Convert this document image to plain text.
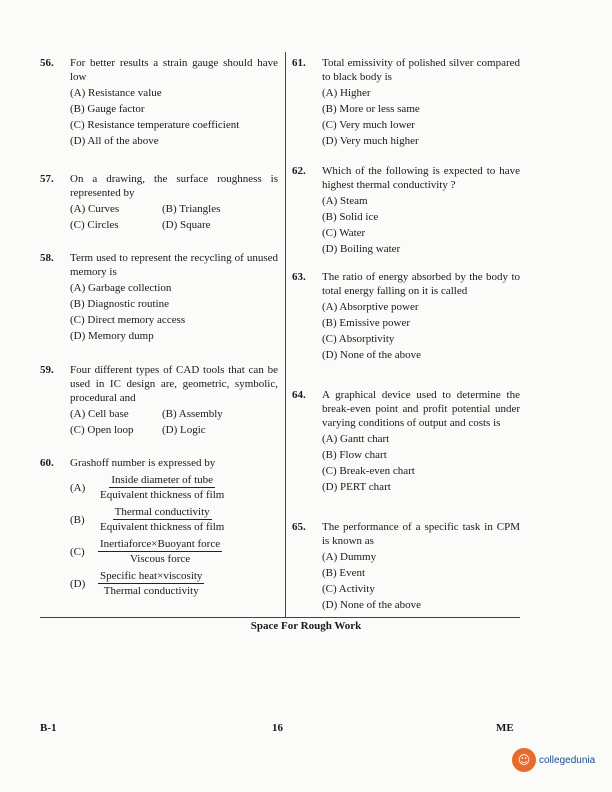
56.	For better results a strain gauge should have low
(A) Resistance value
(B) Gauge factor
(C) Resistance temperature coefficient
(D) All of the above
57.	On a drawing, the surface roughness is represented by
(A) Curves	(B) Triangles
(C) Circles	(D) Square
58.	Term used to represent the recycling of unused memory is
(A) Garbage collection
(B) Diagnostic routine
(C) Direct memory access
(D) Memory dump
59.	Four different types of CAD tools that can be used in IC design are, geometric, symbolic, procedural and
(A) Cell base	(B) Assembly
(C) Open loop	(D) Logic
60.	Grashoff number is expressed by
(A)	$\frac{\text{Inside diameter of tube}}{\text{Equivalent thickness of film}}$
(B)	$\frac{\text{Thermal conductivity}}{\text{Equivalent thickness of film}}$
(C)	$\frac{\text{Inertiaforce×Buoyant force}}{\text{Viscous force}}$
(D)	$\frac{\text{Specific heat×viscosity}}{\text{Thermal conductivity}}$
61.	Total emissivity of polished silver compared to black body is
(A) Higher
(B) More or less same
(C) Very much lower
(D) Very much higher
62.	Which of the following is expected to have highest thermal conductivity ?
(A) Steam
(B) Solid ice
(C) Water
(D) Boiling water
63.	The ratio of energy absorbed by the body to total energy falling on it is called
(A) Absorptive power
(B) Emissive power
(C) Absorptivity
(D) None of the above
64.	A graphical device used to determine the break-even point and profit potential under varying conditions of output and costs is
(A) Gantt chart
(B) Flow chart
(C) Break-even chart
(D) PERT chart
65.	The performance of a specific task in CPM is known as
(A) Dummy
(B) Event
(C) Activity
(D) None of the above
Space For Rough Work
B-1	16	ME
☺ collegedunia
